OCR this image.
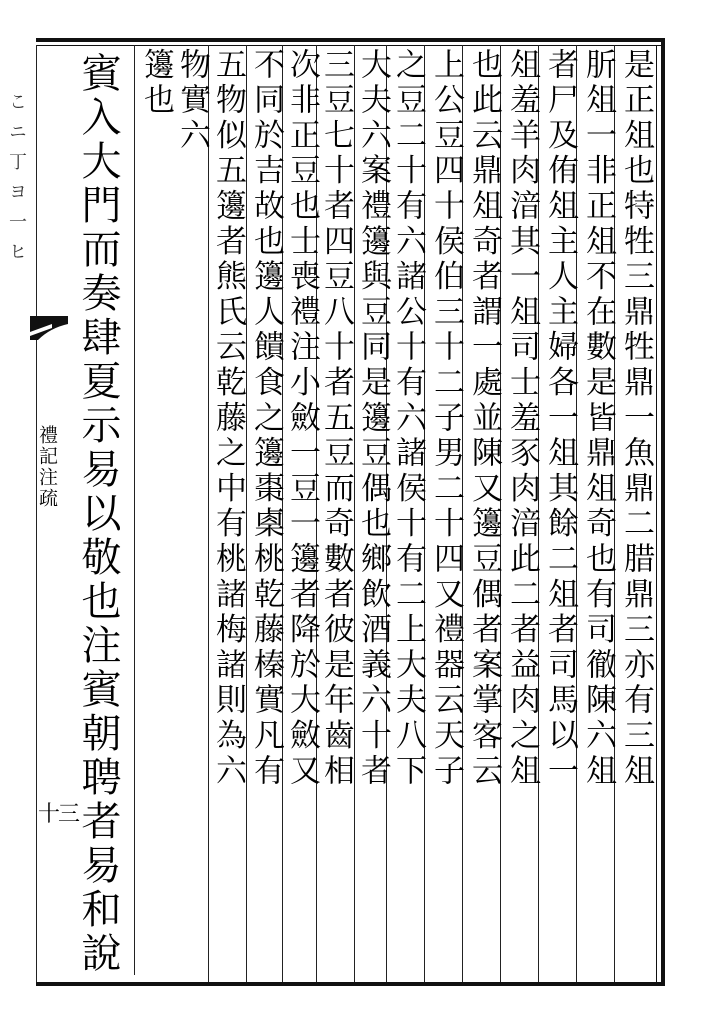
こニ丁ヨ一ヒ
禮記注疏
十三
是正俎也特牲三鼎牲鼎一魚鼎二腊鼎三亦有三俎
肵俎一非正俎不在數是皆鼎俎奇也有司徹陳六俎
者尸及侑俎主人主婦各一俎其餘二俎者司馬以一
俎羞羊肉湆其一俎司士羞豕肉湆此二者益肉之俎
也此云鼎俎奇者謂一處並陳又籩豆偶者案掌客云
上公豆四十侯伯三十二子男二十四又禮器云天子
之豆二十有六諸公十有六諸侯十有二上大夫八下
大夫六案禮籩與豆同是籩豆偶也鄉飲酒義六十者
三豆七十者四豆八十者五豆而奇數者彼是年齒相
次非正豆也士喪禮注小斂一豆一籩者降於大斂又
不同於吉故也籩人饋食之籩棗㮚桃乾藤榛實凡有
五物似五籩者熊氏云乾藤之中有桃諸梅諸則為六
物實六
籩也
賓入大門而奏肆夏示易以敬也注賓朝聘者易和說
